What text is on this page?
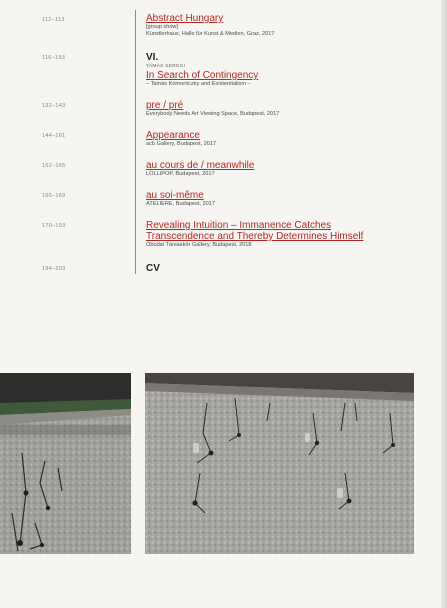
112–113	Abstract Hungary
[group show]
Künstlerhaus, Halle für Kunst & Medien, Graz, 2017
116–193	VI.
TAMÁS SEREGI
In Search of Contingency
– Tamás Komoróczky and Existentialism –
132–143	pre / pré
Everybody Needs Art Viewing Space, Budapest, 2017
144–161	Appearance
acb Gallery, Budapest, 2017
162–165	au cours de / meanwhile
LOLLIPOP, Budapest, 2017
166–169	au soi-même
ATELIERE, Budapest, 2017
170–193	Revealing Intuition – Immanence Catches
Transcendence and Thereby Determines Himself
Óbudai Társaskör Gallery, Budapest, 2018
194–203	CV
